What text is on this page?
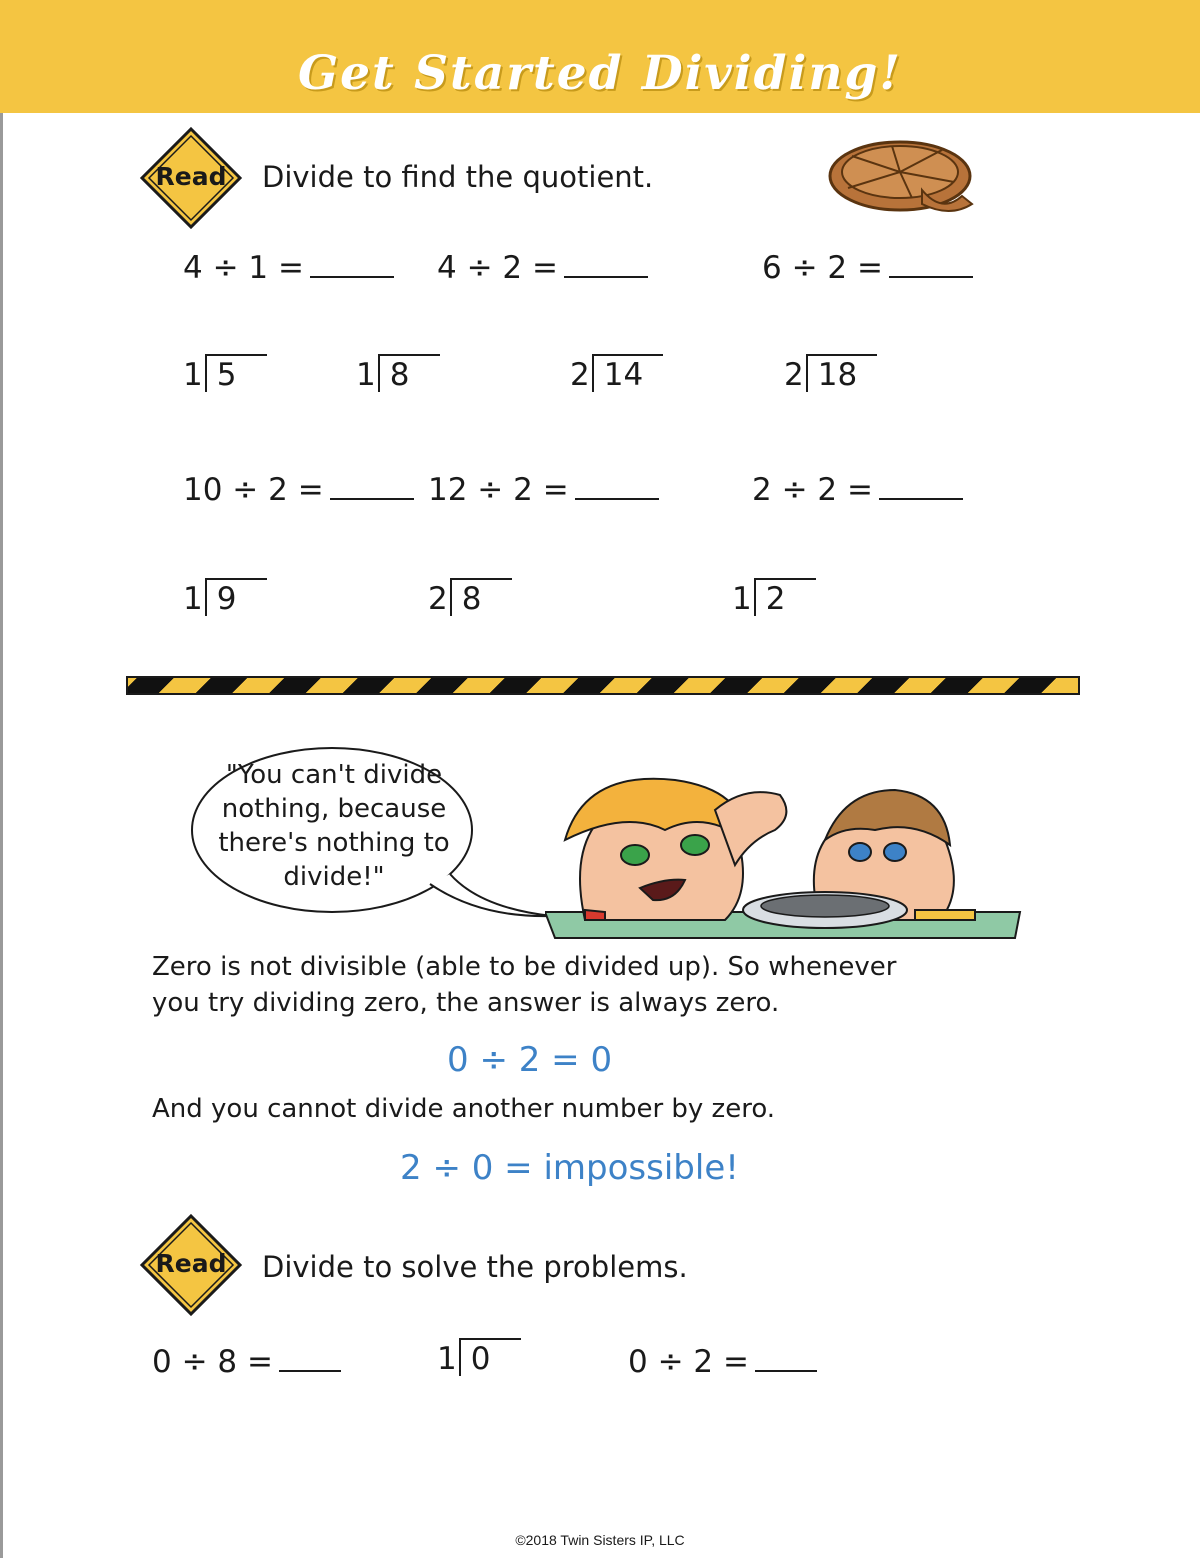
Get Started Dividing!
Read	Divide to find the quotient.
4 ÷ 1 =	4 ÷ 2 =	6 ÷ 2 =
1 5	1 8	2 14	2 18
10 ÷ 2 =	12 ÷ 2 =	2 ÷ 2 =
1 9	2 8	1 2
"You can't divide
nothing, because
there's nothing to
divide!"
Zero is not divisible (able to be divided up). So whenever
you try dividing zero, the answer is always zero.
0 ÷ 2 = 0
And you cannot divide another number by zero.
2 ÷ 0 = impossible!
Read	Divide to solve the problems.
0 ÷ 8 =	1 0	0 ÷ 2 =
©2018 Twin Sisters IP, LLC
